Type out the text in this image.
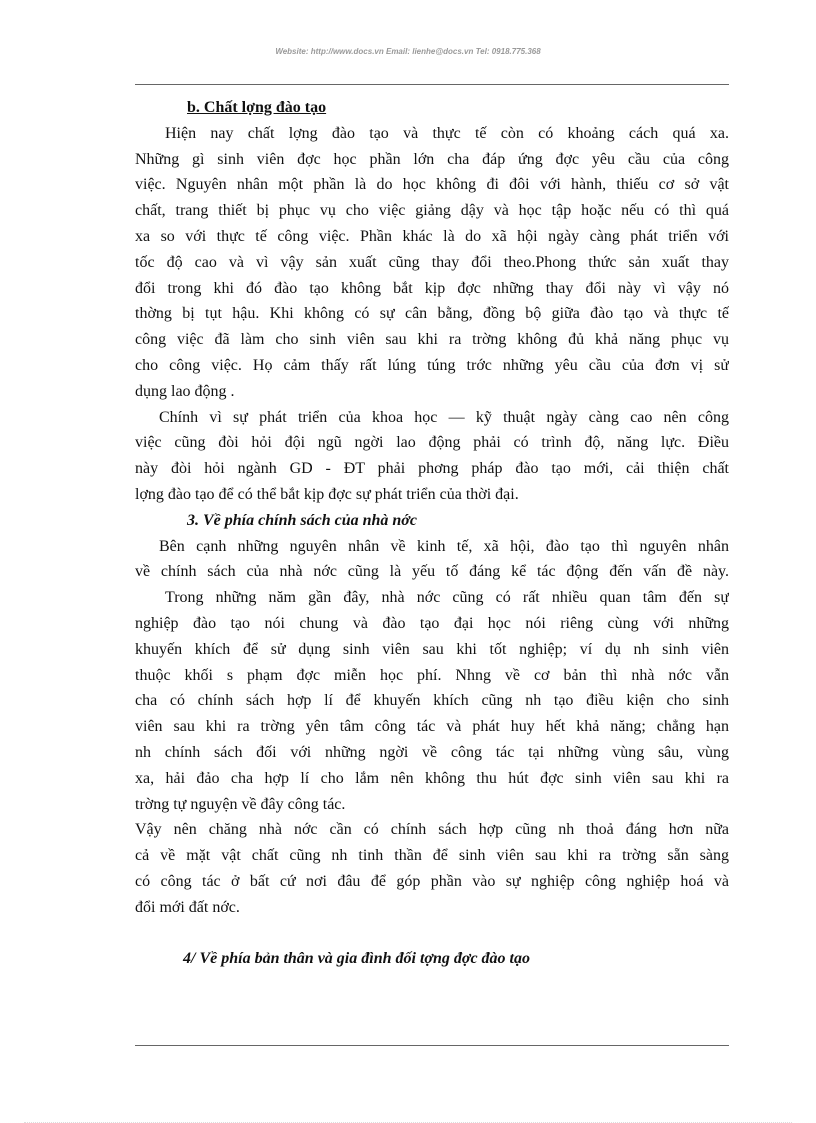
Website: http://www.docs.vn Email: lienhe@docs.vn Tel: 0918.775.368
b. Chất lợng đào tạo
Hiện nay chất lợng đào tạo và thực tế còn có khoảng cách quá xa.
Những gì sinh viên đợc học phần lớn cha đáp ứng đợc yêu cầu của công
việc. Nguyên nhân một phần là do học không đi đôi với hành, thiếu cơ sở vật
chất, trang thiết bị phục vụ cho việc giảng dậy và học tập hoặc nếu có thì quá
xa so với thực tế công việc. Phần khác là do xã hội ngày càng phát triển với
tốc độ cao và vì vậy sản xuất cũng thay đổi theo.Phong thức sản xuất thay
đổi trong khi đó đào tạo không bắt kịp đợc những thay đổi này vì vậy nó
thờng bị tụt hậu. Khi không có sự cân bằng, đồng bộ giữa đào tạo và thực tế
công việc đã làm cho sinh viên sau khi ra trờng không đủ khả năng phục vụ
cho công việc. Họ cảm thấy rất lúng túng trớc những yêu cầu của đơn vị sử
dụng lao động .
Chính vì sự phát triển của khoa học — kỹ thuật ngày càng cao nên công
việc cũng đòi hỏi đội ngũ ngời lao động phải có trình độ, năng lực. Điều
này đòi hỏi ngành GD - ĐT phải phơng pháp đào tạo mới, cải thiện chất
lợng đào tạo để có thể bắt kịp đợc sự phát triển của thời đại.
3. Về phía chính sách của nhà nớc
Bên cạnh những nguyên nhân về kinh tế, xã hội, đào tạo thì nguyên nhân
về chính sách của nhà nớc cũng là yếu tố đáng kể tác động đến vấn đề này.
Trong những năm gần đây, nhà nớc cũng có rất nhiều quan tâm đến sự
nghiệp đào tạo nói chung và đào tạo đại học nói riêng cùng với những
khuyến khích để sử dụng sinh viên sau khi tốt nghiệp; ví dụ nh sinh viên
thuộc khối s phạm đợc miễn học phí. Nhng về cơ bản thì nhà nớc vẫn
cha có chính sách hợp lí để khuyến khích cũng nh tạo điều kiện cho sinh
viên sau khi ra trờng yên tâm công tác và phát huy hết khả năng; chẳng hạn
nh chính sách đối với những ngời về công tác tại những vùng sâu, vùng
xa, hải đảo cha hợp lí cho lắm nên không thu hút đợc sinh viên sau khi ra
trờng tự nguyện về đây công tác.
Vậy nên chăng nhà nớc cần có chính sách hợp cũng nh thoả đáng hơn nữa
cả về mặt vật chất cũng nh tinh thần để sinh viên sau khi ra trờng sẵn sàng
có công tác ở bất cứ nơi đâu để góp phần vào sự nghiệp công nghiệp hoá và
đổi mới đất nớc.
4/ Về phía bản thân và gia đình đối tợng đợc đào tạo
